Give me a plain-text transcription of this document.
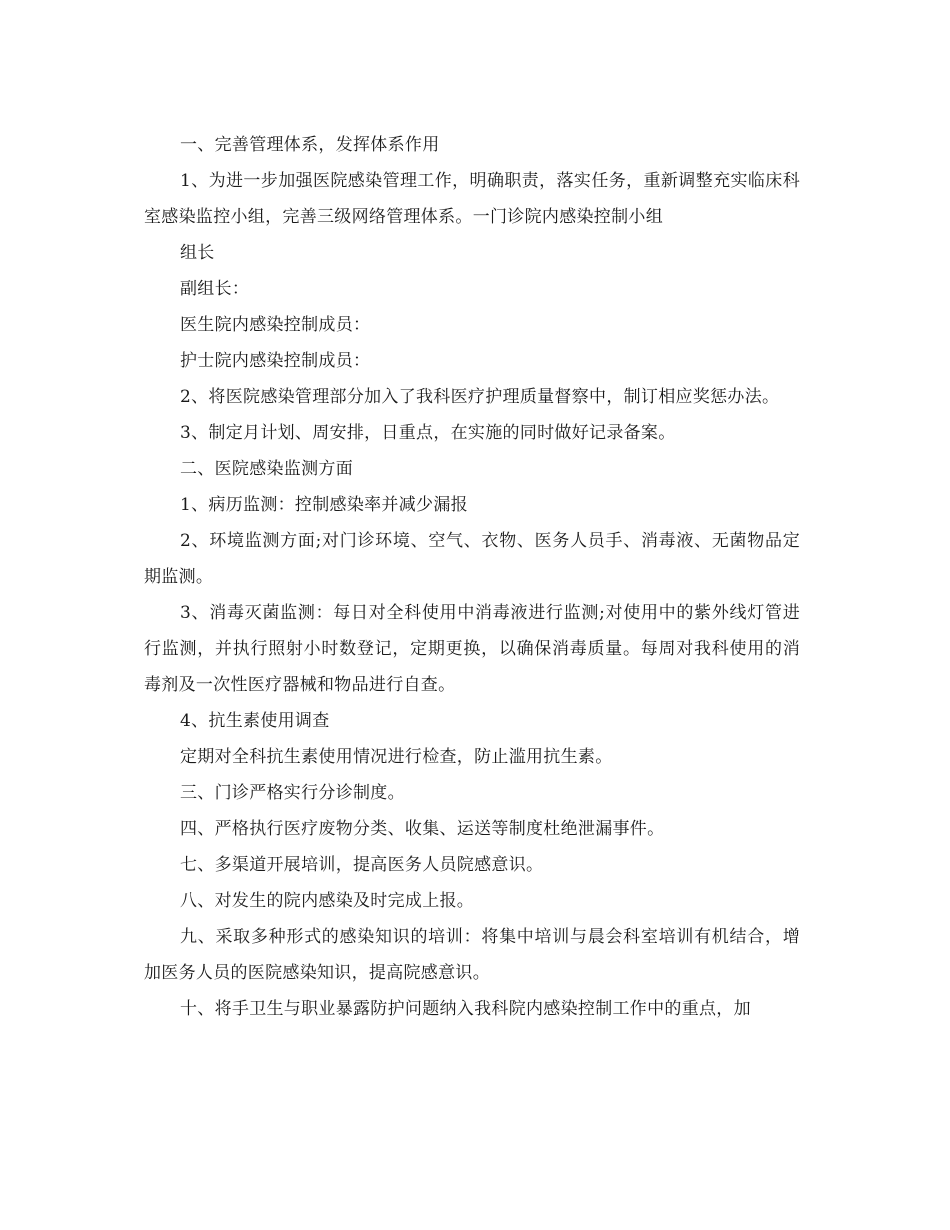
一、完善管理体系，发挥体系作用

1、为进一步加强医院感染管理工作，明确职责，落实任务，重新调整充实临床科室感染监控小组，完善三级网络管理体系。一门诊院内感染控制小组

组长

副组长：

医生院内感染控制成员：

护士院内感染控制成员：

2、将医院感染管理部分加入了我科医疗护理质量督察中，制订相应奖惩办法。

3、制定月计划、周安排，日重点，在实施的同时做好记录备案。

二、医院感染监测方面

1、病历监测：控制感染率并减少漏报

2、环境监测方面;对门诊环境、空气、衣物、医务人员手、消毒液、无菌物品定期监测。

3、消毒灭菌监测：每日对全科使用中消毒液进行监测;对使用中的紫外线灯管进行监测，并执行照射小时数登记，定期更换，以确保消毒质量。每周对我科使用的消毒剂及一次性医疗器械和物品进行自查。

4、抗生素使用调查

定期对全科抗生素使用情况进行检查，防止滥用抗生素。

三、门诊严格实行分诊制度。

四、严格执行医疗废物分类、收集、运送等制度杜绝泄漏事件。

七、多渠道开展培训，提高医务人员院感意识。

八、对发生的院内感染及时完成上报。

九、采取多种形式的感染知识的培训：将集中培训与晨会科室培训有机结合，增加医务人员的医院感染知识，提高院感意识。

十、将手卫生与职业暴露防护问题纳入我科院内感染控制工作中的重点，加
